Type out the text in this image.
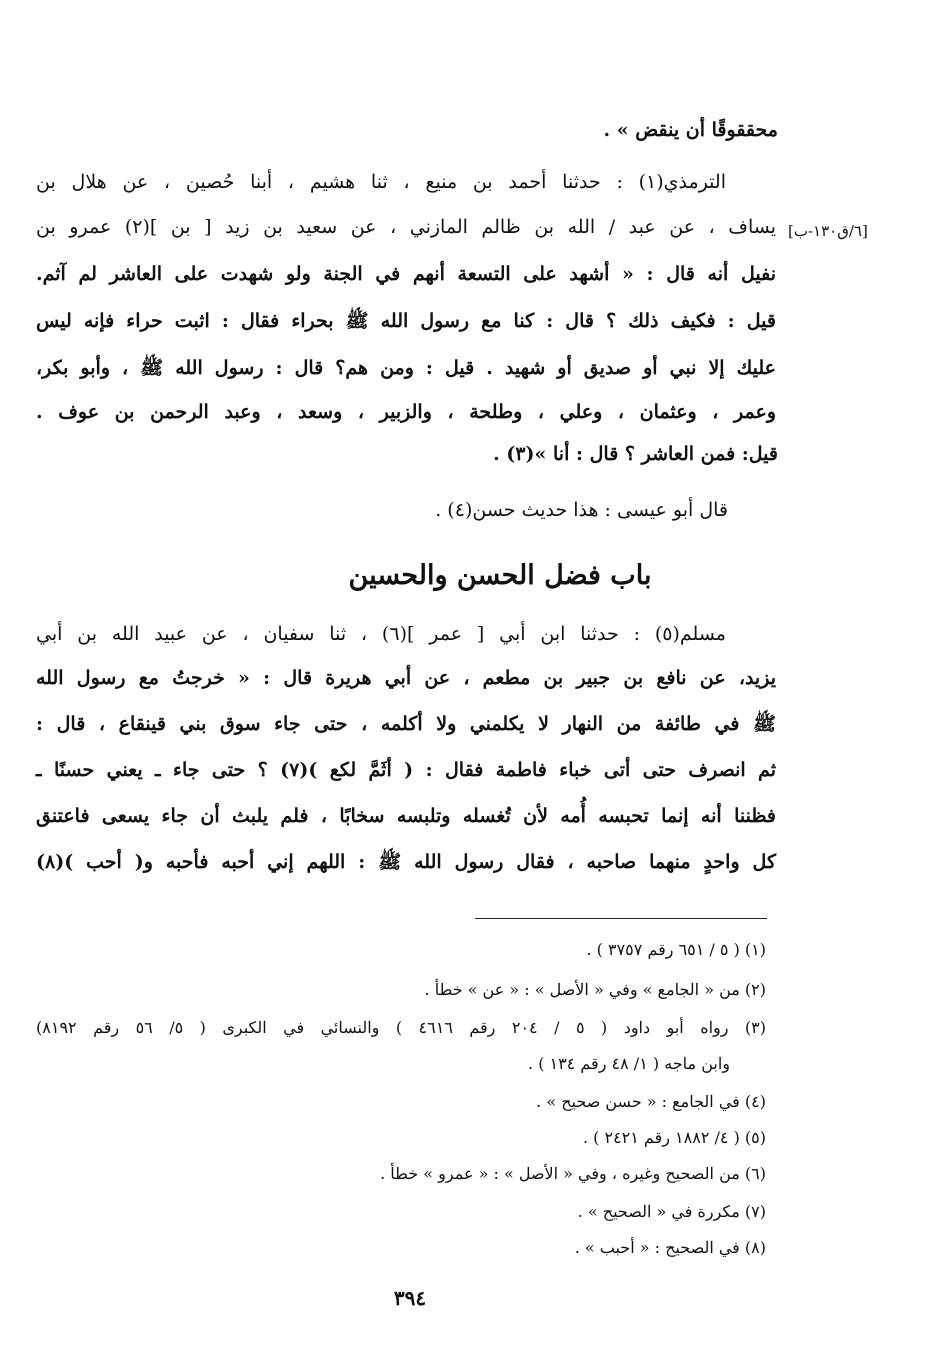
محققوقًا أن ينقض » .
الترمذي(١) : حدثنا أحمد بن منيع ، ثنا هشيم ، أبنا حُصين ، عن هلال بن
يساف ، عن عبد / الله بن ظالم المازني ، عن سعيد بن زيد [ بن ](٢) عمرو بن
نفيل أنه قال : « أشهد على التسعة أنهم في الجنة ولو شهدت على العاشر لم آثم.
قيل : فكيف ذلك ؟ قال : كنا مع رسول الله ﷺ بحراء فقال : اثبت حراء فإنه ليس
عليك إلا نبي أو صديق أو شهيد . قيل : ومن هم؟ قال : رسول الله ﷺ ، وأبو بكر،
وعمر ، وعثمان ، وعلي ، وطلحة ، والزبير ، وسعد ، وعبد الرحمن بن عوف .
قيل: فمن العاشر ؟ قال : أنا »(٣) .
قال أبو عيسى : هذا حديث حسن(٤) .
[٦/ق١٣٠-ب]
باب فضل الحسن والحسين
مسلم(٥) : حدثنا ابن أبي [ عمر ](٦) ، ثنا سفيان ، عن عبيد الله بن أبي
يزيد، عن نافع بن جبير بن مطعم ، عن أبي هريرة قال : « خرجتُ مع رسول الله
ﷺ في طائفة من النهار لا يكلمني ولا أكلمه ، حتى جاء سوق بني قينقاع ، قال :
ثم انصرف حتى أتى خباء فاطمة فقال : ( أثَمَّ لكع )(٧) ؟ حتى جاء ـ يعني حسنًا ـ
فظننا أنه إنما تحبسه أُمه لأن تُغسله وتلبسه سخابًا ، فلم يلبث أن جاء يسعى فاعتنق
كل واحدٍ منهما صاحبه ، فقال رسول الله ﷺ : اللهم إني أحبه فأحبه و( أحب )(٨)
(١) ( ٥ / ٦٥١ رقم ٣٧٥٧ ) .
(٢) من « الجامع » وفي « الأصل » : « عن » خطأ .
(٣) رواه أبو داود ( ٥ / ٢٠٤ رقم ٤٦١٦ ) والنسائي في الكبرى ( ٥/ ٥٦ رقم ٨١٩٢)
وابن ماجه ( ١/ ٤٨ رقم ١٣٤ ) .
(٤) في الجامع : « حسن صحيح » .
(٥) ( ٤/ ١٨٨٢ رقم ٢٤٢١ ) .
(٦) من الصحيح وغيره ، وفي « الأصل » : « عمرو » خطأ .
(٧) مكررة في « الصحيح » .
(٨) في الصحيح : « أحبب » .
٣٩٤
